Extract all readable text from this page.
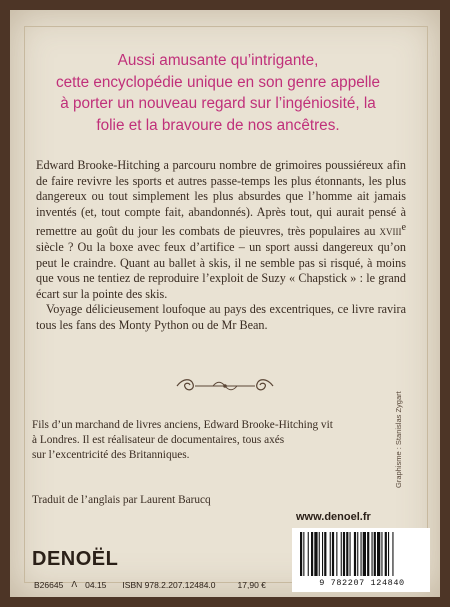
Aussi amusante qu’intrigante,
cette encyclopédie unique en son genre appelle
à porter un nouveau regard sur l’ingéniosité, la
folie et la bravoure de nos ancêtres.

Edward Brooke-Hitching a parcouru nombre de grimoires poussiéreux afin de faire revivre les sports et autres passe-temps les plus étonnants, les plus dangereux ou tout simplement les plus absurdes que l’homme ait jamais inventés (et, tout compte fait, abandonnés). Après tout, qui aurait pensé à remettre au goût du jour les combats de pieuvres, très populaires au xviii$^e$ siècle ? Ou la boxe avec feux d’artifice – un sport aussi dangereux qu’on peut le craindre. Quant au ballet à skis, il ne semble pas si risqué, à moins que vous ne tentiez de reproduire l’exploit de Suzy « Chapstick » : le grand écart sur la pointe des skis.

Voyage délicieusement loufoque au pays des excentriques, ce livre ravira tous les fans des Monty Python ou de Mr Bean.

Fils d’un marchand de livres anciens, Edward Brooke-Hitching vit
à Londres. Il est réalisateur de documentaires, tous axés
sur l’excentricité des Britanniques.
Traduit de l’anglais par Laurent Barucq
Graphisme : Stanislas Zygart
www.denoel.fr
9 782207 124840
DENOËL
B26645 ⴷ 04.15 ISBN 978.2.207.12484.0	17,90 €
